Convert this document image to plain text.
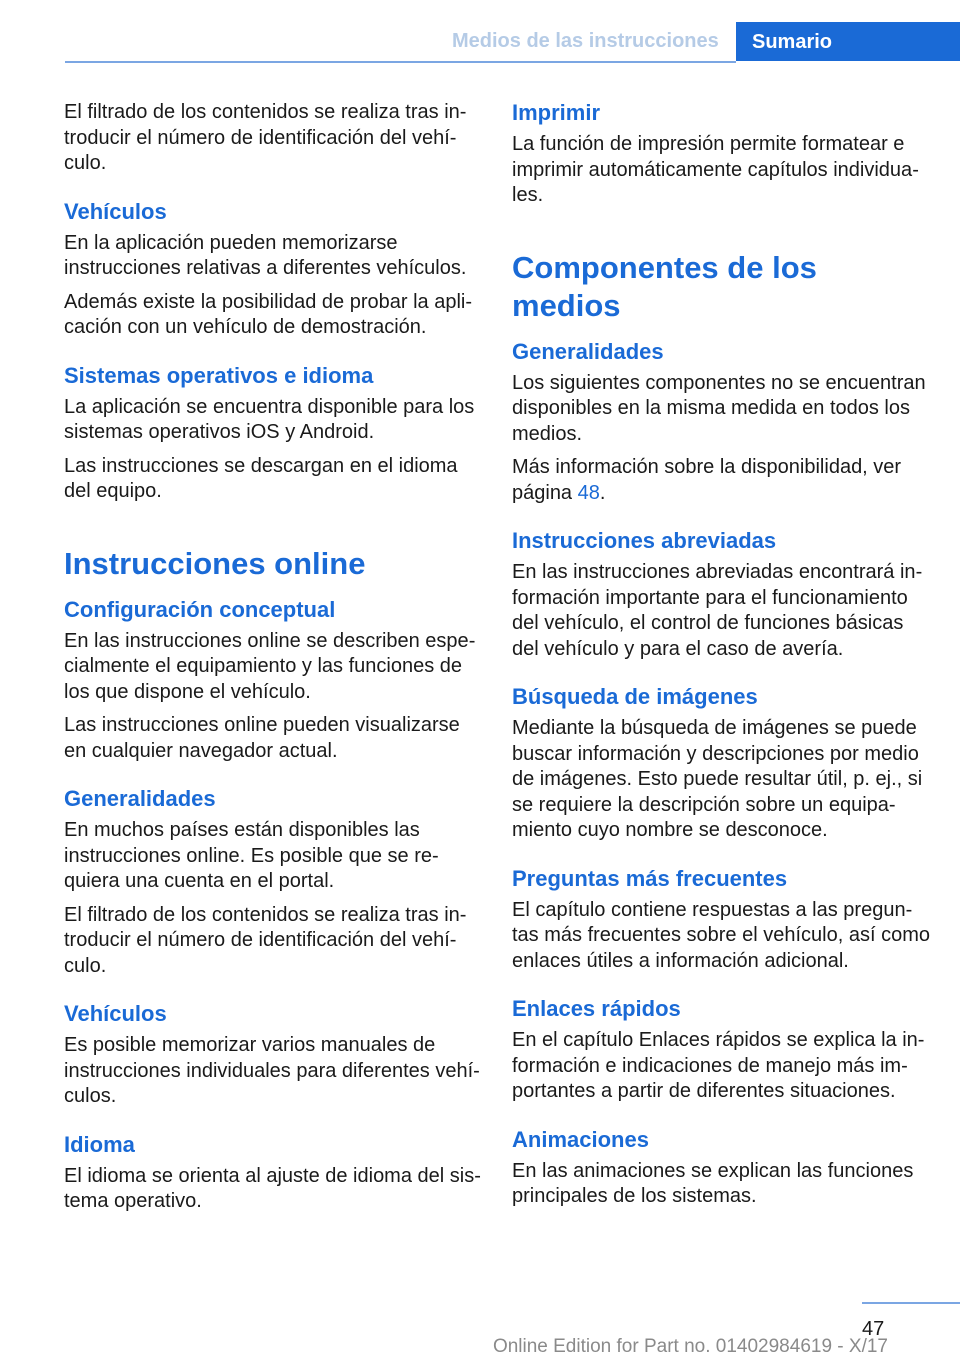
Medios de las instrucciones	Sumario

El filtrado de los contenidos se realiza tras introducir el número de identificación del vehículo.

Vehículos

En la aplicación pueden memorizarse instrucciones relativas a diferentes vehículos.

Además existe la posibilidad de probar la aplicación con un vehículo de demostración.

Sistemas operativos e idioma

La aplicación se encuentra disponible para los sistemas operativos iOS y Android.

Las instrucciones se descargan en el idioma del equipo.

Instrucciones online
Configuración conceptual

En las instrucciones online se describen especialmente el equipamiento y las funciones de los que dispone el vehículo.

Las instrucciones online pueden visualizarse en cualquier navegador actual.

Generalidades

En muchos países están disponibles las instrucciones online. Es posible que se requiera una cuenta en el portal.

El filtrado de los contenidos se realiza tras introducir el número de identificación del vehículo.

Vehículos

Es posible memorizar varios manuales de instrucciones individuales para diferentes vehículos.

Idioma

El idioma se orienta al ajuste de idioma del sistema operativo.

Imprimir

La función de impresión permite formatear e imprimir automáticamente capítulos individuales.

Componentes de los medios
Generalidades

Los siguientes componentes no se encuentran disponibles en la misma medida en todos los medios.

Más información sobre la disponibilidad, ver página 48.

Instrucciones abreviadas

En las instrucciones abreviadas encontrará información importante para el funcionamiento del vehículo, el control de funciones básicas del vehículo y para el caso de avería.

Búsqueda de imágenes

Mediante la búsqueda de imágenes se puede buscar información y descripciones por medio de imágenes. Esto puede resultar útil, p. ej., si se requiere la descripción sobre un equipamiento cuyo nombre se desconoce.

Preguntas más frecuentes

El capítulo contiene respuestas a las preguntas más frecuentes sobre el vehículo, así como enlaces útiles a información adicional.

Enlaces rápidos

En el capítulo Enlaces rápidos se explica la información e indicaciones de manejo más importantes a partir de diferentes situaciones.

Animaciones

En las animaciones se explican las funciones principales de los sistemas.

47
Online Edition for Part no. 01402984619 - X/17
